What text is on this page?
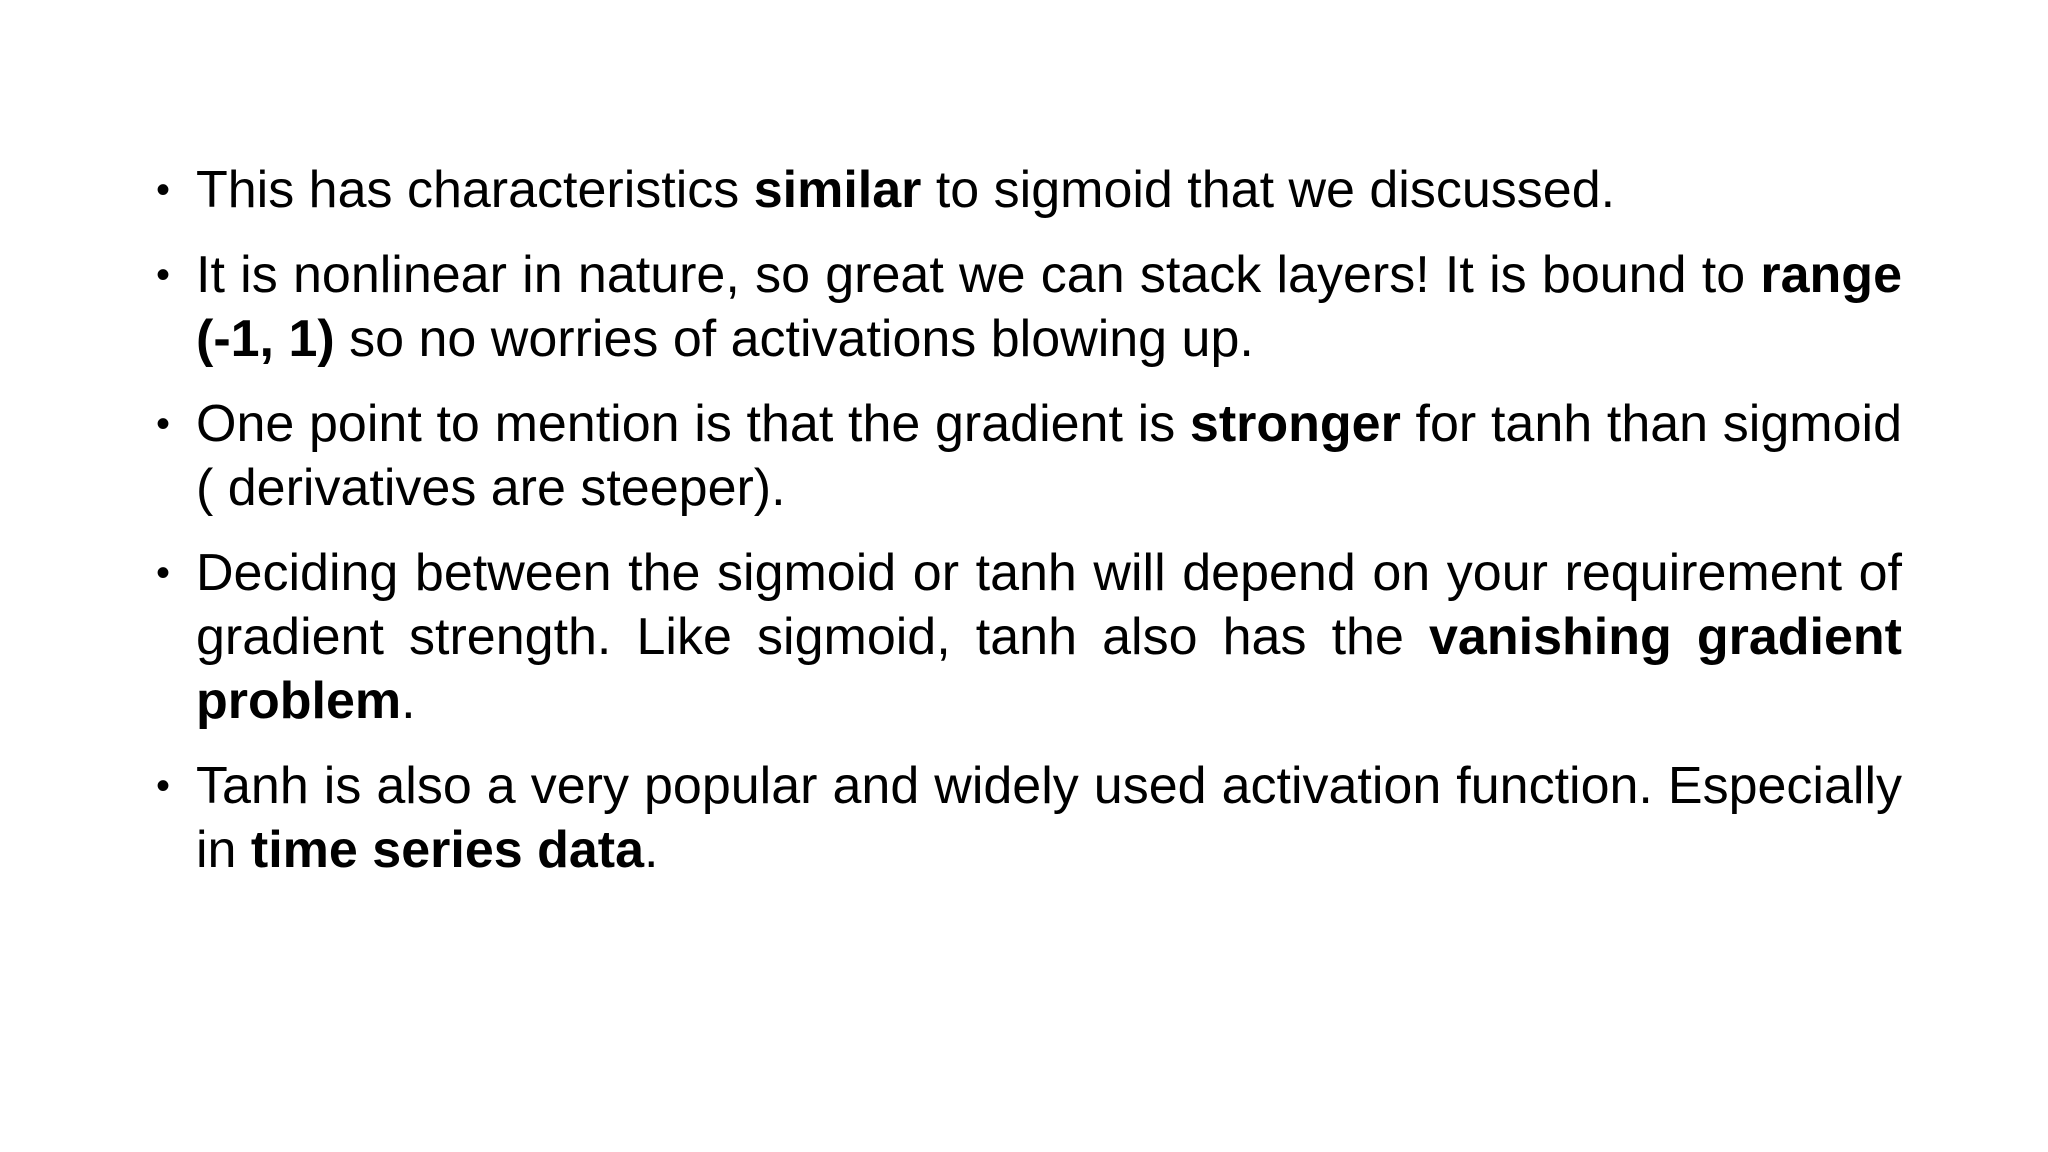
• This has characteristics similar to sigmoid that we discussed.
• It is nonlinear in nature, so great we can stack layers! It is bound to range (-1, 1) so no worries of activations blowing up.
• One point to mention is that the gradient is stronger for tanh than sigmoid ( derivatives are steeper).
• Deciding between the sigmoid or tanh will depend on your requirement of gradient strength. Like sigmoid, tanh also has the vanishing gradient problem.
• Tanh is also a very popular and widely used activation function. Especially in time series data.
